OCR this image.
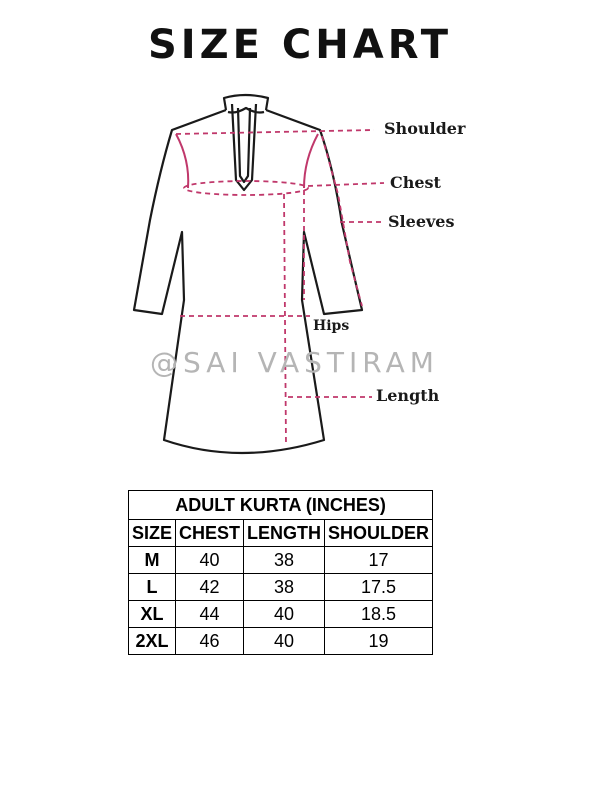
SIZE CHART
Shoulder
Chest
Sleeves
Hips
Length
@SAI VASTIRAM
ADULT KURTA (INCHES)			
SIZE	CHEST	LENGTH	SHOULDER
M	40	38	17
L	42	38	17.5
XL	44	40	18.5
2XL	46	40	19
